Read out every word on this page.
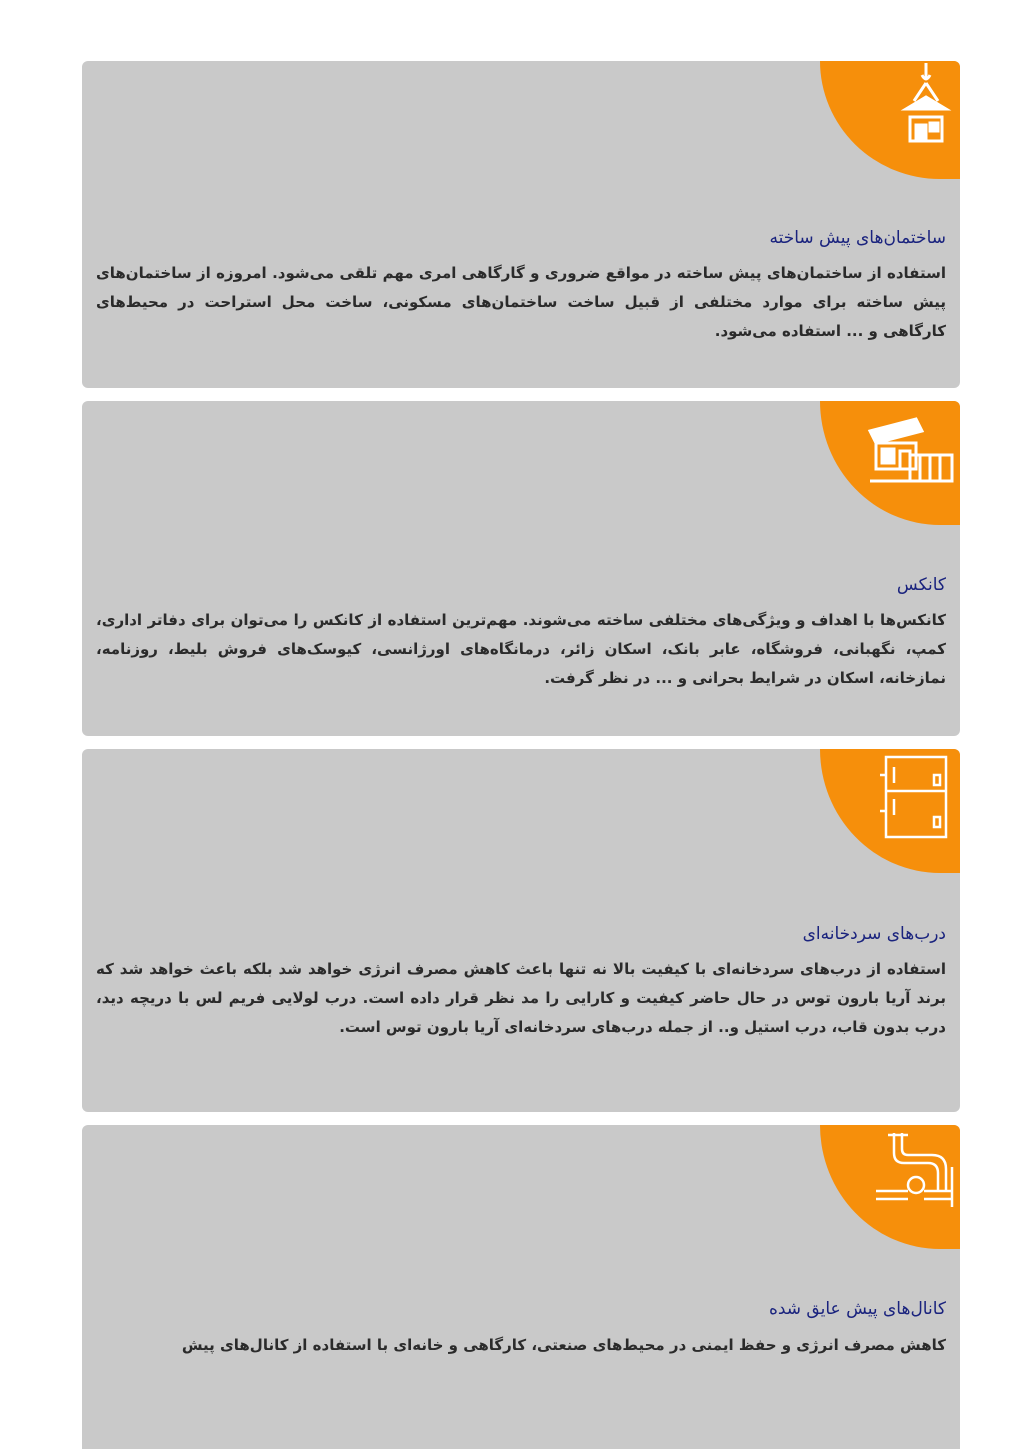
ساختمان‌های پیش ساخته

استفاده از ساختمان‌های پیش ساخته در مواقع ضروری و گارگاهی امری مهم تلقی می‌شود. امروزه از ساختمان‌های پیش ساخته برای موارد مختلفی از قبیل ساخت ساختمان‌های مسکونی، ساخت محل استراحت در محیط‌های کارگاهی و ... استفاده می‌شود.

کانکس

کانکس‌ها با اهداف و ویژگی‌های مختلفی ساخته می‌شوند. مهم‌ترین استفاده از کانکس را می‌توان برای دفاتر اداری، کمپ، نگهبانی، فروشگاه، عابر بانک، اسکان زائر، درمانگاه‌های اورژانسی، کیوسک‌های فروش بلیط، روزنامه، نمازخانه، اسکان در شرایط بحرانی و ... در نظر گرفت.

درب‌های سردخانه‌ای

استفاده از درب‌های سردخانه‌ای با کیفیت بالا نه تنها باعث کاهش مصرف انرژی خواهد شد بلکه باعث خواهد شد که برند آریا بارون توس در حال حاضر کیفیت و کارایی را مد نظر قرار داده است. درب لولایی فریم لس با دریچه دید، درب بدون قاب، درب استیل و.. از جمله درب‌های سردخانه‌ای آریا بارون توس است.

کانال‌های پیش عایق شده

کاهش مصرف انرژی و حفظ ایمنی در محیط‌های صنعتی، کارگاهی و خانه‌ای با استفاده از کانال‌های پیش
